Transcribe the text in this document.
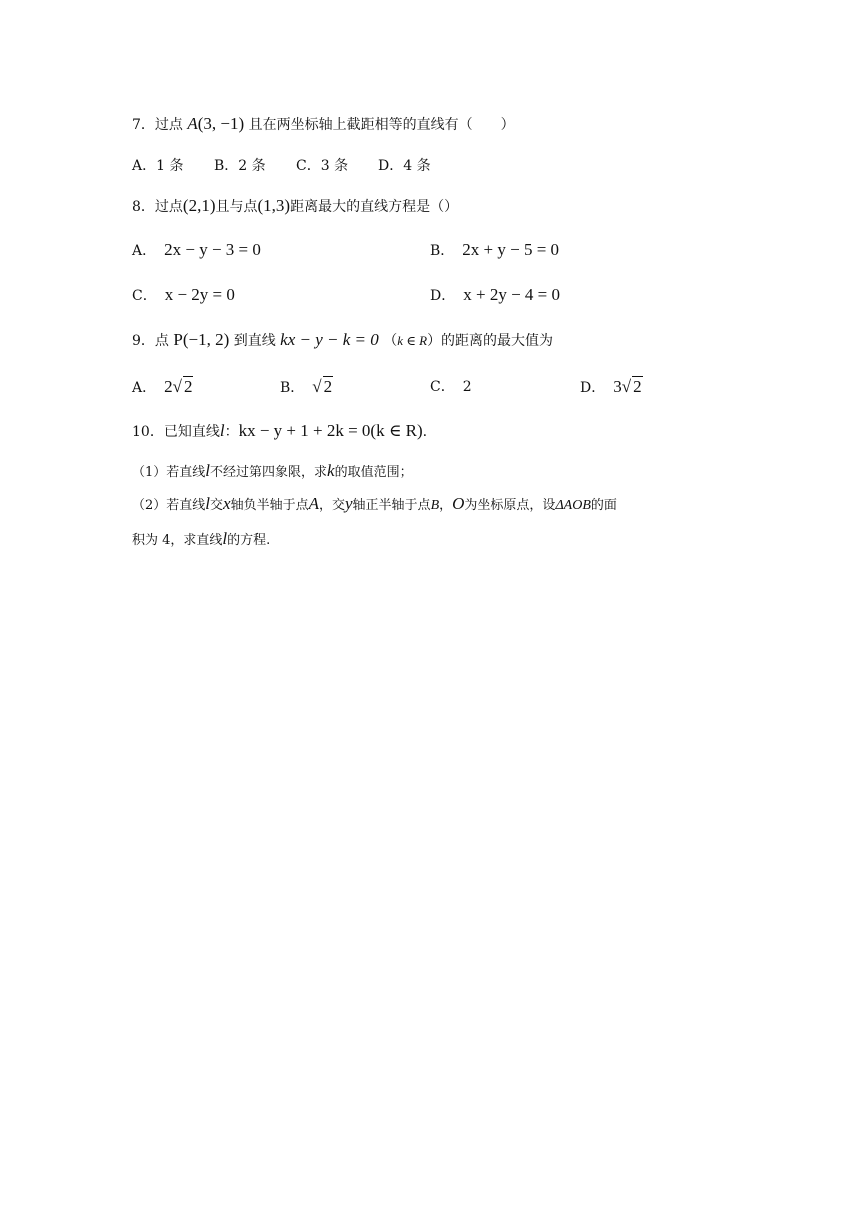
7．过点 A(3, −1) 且在两坐标轴上截距相等的直线有（　　）
A．1 条 B．2 条 C．3 条 D．4 条
8．过点(2,1)且与点(1,3)距离最大的直线方程是（）
A． 2x − y − 3 = 0	B． 2x + y − 5 = 0
C． x − 2y = 0	D． x + 2y − 4 = 0
9．点 P(−1, 2) 到直线 kx − y − k = 0 （k ∈ R）的距离的最大值为
A． 2√ 2	B． √ 2	C． 2	D． 3√ 2
10．已知直线l：kx − y + 1 + 2k = 0(k ∈ R).
（1）若直线l不经过第四象限，求k的取值范围；
（2）若直线l交x轴负半轴于点A，交y轴正半轴于点B，O为坐标原点，设ΔAOB的面
积为 4，求直线l的方程.
